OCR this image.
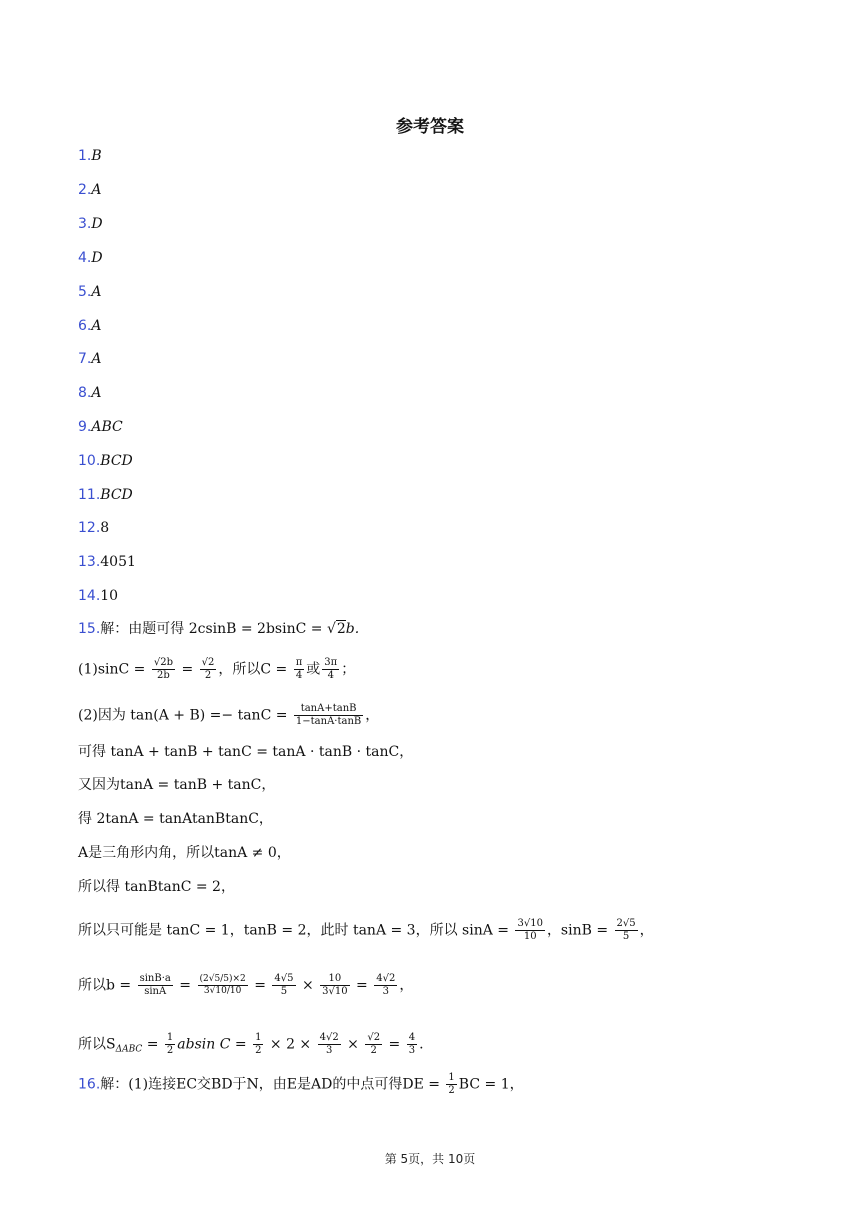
参考答案
1.B
2.A
3.D
4.D
5.A
6.A
7.A
8.A
9.ABC
10.BCD
11.BCD
12.8
13.4051
14.10
15.解：由题可得 2csinB = 2bsinC = √2b.
$(1)\sin C = \frac{√2b}{2b} = \frac{√2}{2}$ ，所以$C = \frac{\pi}{4}$ 或 $\frac{3\pi}{4}$ ；
(2)因为 $\tan(A + B) =- \tan C = \frac{\tan A+\tan B}{1-\tan A\cdot\tan B}$ ，
可得 tanA + tanB + tanC = tanA · tanB · tanC，
又因为tanA = tanB + tanC，
得 2tanA = tanAtanBtanC，
A是三角形内角，所以tanA ≠ 0，
所以得 tanBtanC = 2，
所以只可能是 tanC = 1，tanB = 2，此时 tanA = 3，所以 $\sin A = \frac{3√10}{10}$ ，$\sin B = \frac{2√5}{5}$ ，
所以$b = \frac{\sin B\cdot a}{\sin A} = \frac{(2√5/5)\times 2}{3√10/10} = \frac{4√5}{5} \times \frac{10}{3√10} = \frac{4√2}{3}$ ，
所以$S_{\Delta ABC} = \frac{1}{2}$ absin $C = \frac{1}{2} \times 2 \times \frac{4√2}{3} \times \frac{√2}{2} = \frac{4}{3}$ .
16.解：(1)连接EC交BD于N，由E是AD的中点可得DE = $\frac{1}{2}$ BC = 1，
第 5页，共 10页
